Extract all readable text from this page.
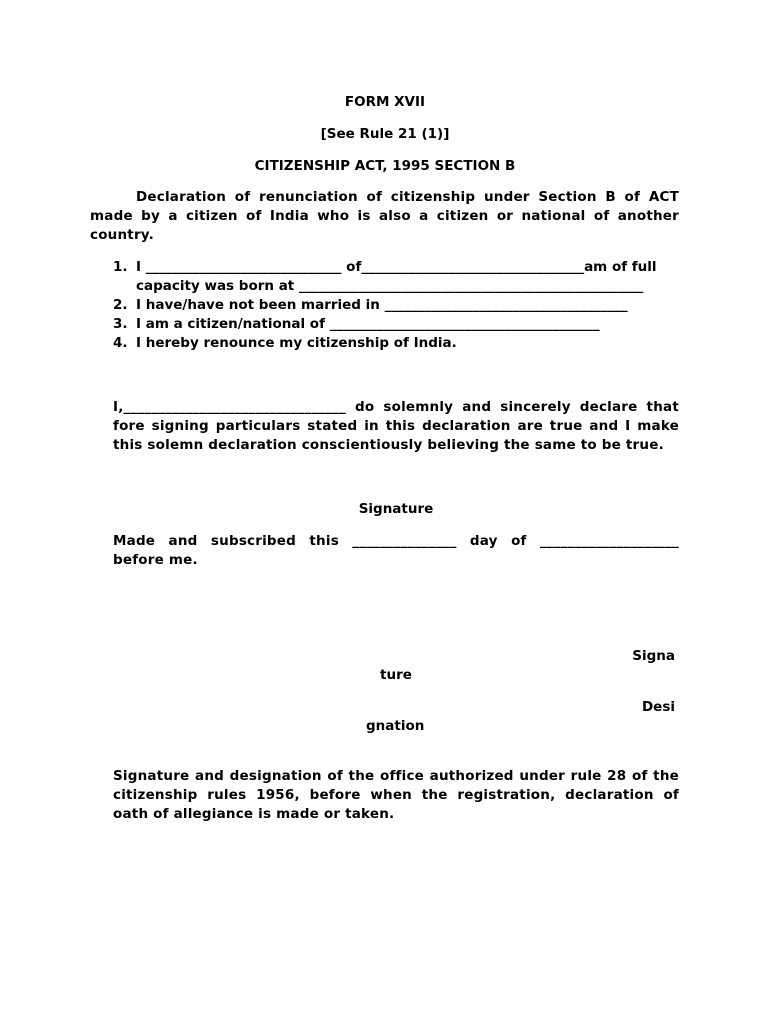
FORM XVII
[See Rule 21 (1)]
CITIZENSHIP ACT, 1995 SECTION B
Declaration of renunciation of citizenship under Section B of ACT
made by a citizen of India who is also a citizen or national of another
country.
1. I _____________________________ of_________________________________am of full
capacity was born at ___________________________________________________
2. I have/have not been married in ____________________________________
3. I am a citizen/national of ________________________________________
4. I hereby renounce my citizenship of India.
I,________________________________ do solemnly and sincerely declare that
fore signing particulars stated in this declaration are true and I make
this solemn declaration conscientiously believing the same to be true.
Signature
Made and subscribed this _______________ day of ____________________
before me.
Signa
ture
Desi
gnation
Signature and designation of the office authorized under rule 28 of the
citizenship rules 1956, before when the registration, declaration of
oath of allegiance is made or taken.
